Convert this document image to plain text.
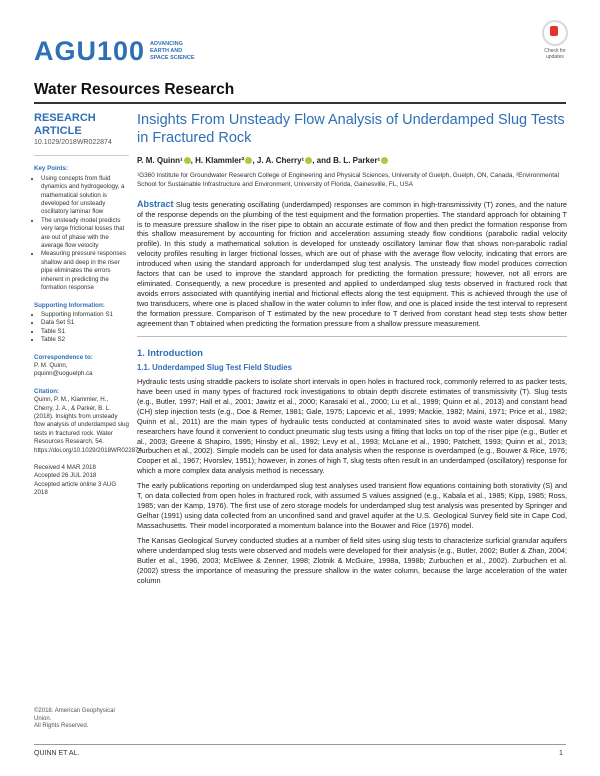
AGU100 ADVANCING
EARTH AND
SPACE SCIENCE
Check for updates
Water Resources Research
RESEARCH ARTICLE
10.1029/2018WR022874
Key Points:
• Using concepts from fluid dynamics and hydrogeology, a mathematical solution is developed for unsteady oscillatory laminar flow
• The unsteady model predicts very large frictional losses that are out of phase with the average flow velocity
• Measuring pressure responses shallow and deep in the riser pipe eliminates the errors inherent in predicting the formation response
Supporting Information:
• Supporting Information S1
• Data Set S1
• Table S1
• Table S2
Correspondence to:
P. M. Quinn,
pquinn@uoguelph.ca
Citation:
Quinn, P. M., Klammler, H., Cherry, J. A., & Parker, B. L. (2018). Insights from unsteady flow analysis of underdamped slug tests in fractured rock. Water Resources Research, 54. https://doi.org/10.1029/2018WR022874
Received 4 MAR 2018
Accepted 26 JUL 2018
Accepted article online 3 AUG 2018
©2018. American Geophysical Union.
All Rights Reserved.
Insights From Unsteady Flow Analysis of Underdamped Slug Tests in Fractured Rock
P. M. Quinn¹ , H. Klammler² , J. A. Cherry¹ , and B. L. Parker¹
¹G360 Institute for Groundwater Research College of Engineering and Physical Sciences, University of Guelph, Guelph, ON, Canada, ²Environmental School for Sustainable Infrastructure and Environment, University of Florida, Gainesville, FL, USA
Abstract Slug tests generating oscillating (underdamped) responses are common in high-transmissivity (T) zones, and the nature of the response depends on the plumbing of the test equipment and the formation properties. The standard approach for obtaining T is to measure pressure shallow in the riser pipe to obtain an accurate estimate of flow and then predict the formation response from this shallow measurement by accounting for friction and acceleration assuming steady flow conditions (parabolic radial velocity profile). In this study a mathematical solution is developed for unsteady oscillatory laminar flow that shows non-parabolic radial velocity profiles resulting in larger frictional losses, which are out of phase with the average flow velocity, indicating that errors are introduced when using the standard approach for underdamped slug test analysis. The unsteady flow model produces correction factors that can be used to improve the standard approach for predicting the formation pressure; however, not all errors are eliminated. Consequently, a new procedure is presented and applied to underdamped slug tests observed in fractured rock that avoids errors associated with quantifying inertial and frictional effects along the test equipment. This is achieved through the use of two transducers, where one is placed shallow in the water column to infer flow, and one is placed inside the test interval to represent the formation pressure. Comparison of T estimated by the new procedure to T derived from constant head step tests show better agreement than T obtained when predicting the formation pressure from a shallow pressure measurement.
1. Introduction
1.1. Underdamped Slug Test Field Studies
Hydraulic tests using straddle packers to isolate short intervals in open holes in fractured rock, commonly referred to as packer tests, have been used in many types of fractured rock investigations to obtain depth discrete estimates of transmissivity (T). Slug tests (e.g., Butler, 1997; Hall et al., 2001; Jawitz et al., 2000; Karasaki et al., 2000; Lu et al., 1999; Quinn et al., 2013) and constant head (CH) step injection tests (e.g., Doe & Remer, 1981; Gale, 1975; Lapcevic et al., 1999; Mackie, 1982; Maini, 1971; Price et al., 1982; Quinn et al., 2011) are the main types of hydraulic tests conducted at contaminated sites to avoid waste water disposal. Many researchers have found it convenient to conduct pneumatic slug tests using a fitting that locks on top of the riser pipe (e.g., Butler et al., 2003; Greene & Shapiro, 1995; Hinsby et al., 1992; Levy et al., 1993; McLane et al., 1990; Patchett, 1993; Quinn et al., 2013; Zurbuchen et al., 2002). Simple models can be used for data analysis when the response is overdamped (e.g., Bouwer & Rice, 1976; Cooper et al., 1967; Hvorslev, 1951); however, in zones of high T, slug tests often result in an underdamped (oscillatory) response for which a more complex data analysis method is necessary.
The early publications reporting on underdamped slug test analyses used transient flow equations containing both storativity (S) and T, on data collected from open holes in fractured rock, with assumed S values assigned (e.g., Kabala et al., 1985; Kipp, 1985; Ross, 1985; van der Kamp, 1976). The first use of zero storage models for underdamped slug test analysis was presented by Springer and Gelhar (1991) using data collected from an unconfined sand and gravel aquifer at the U.S. Geological Survey field site in Cape Cod, Massachusetts. Their model incorporated a momentum balance into the Bouwer and Rice (1976) model.
The Kansas Geological Survey conducted studies at a number of field sites using slug tests to characterize surficial granular aquifers where underdamped slug tests were observed and models were developed for their analysis (e.g., Butler, 2002; Butler & Zhan, 2004; Butler et al., 1996, 2003; McElwee & Zenner, 1998; Zlotnik & McGuire, 1998a, 1998b; Zurbuchen et al., 2002). Zurbuchen et al. (2002) stress the importance of measuring the pressure shallow in the water column, because the large acceleration of the water column
QUINN ET AL.	1
